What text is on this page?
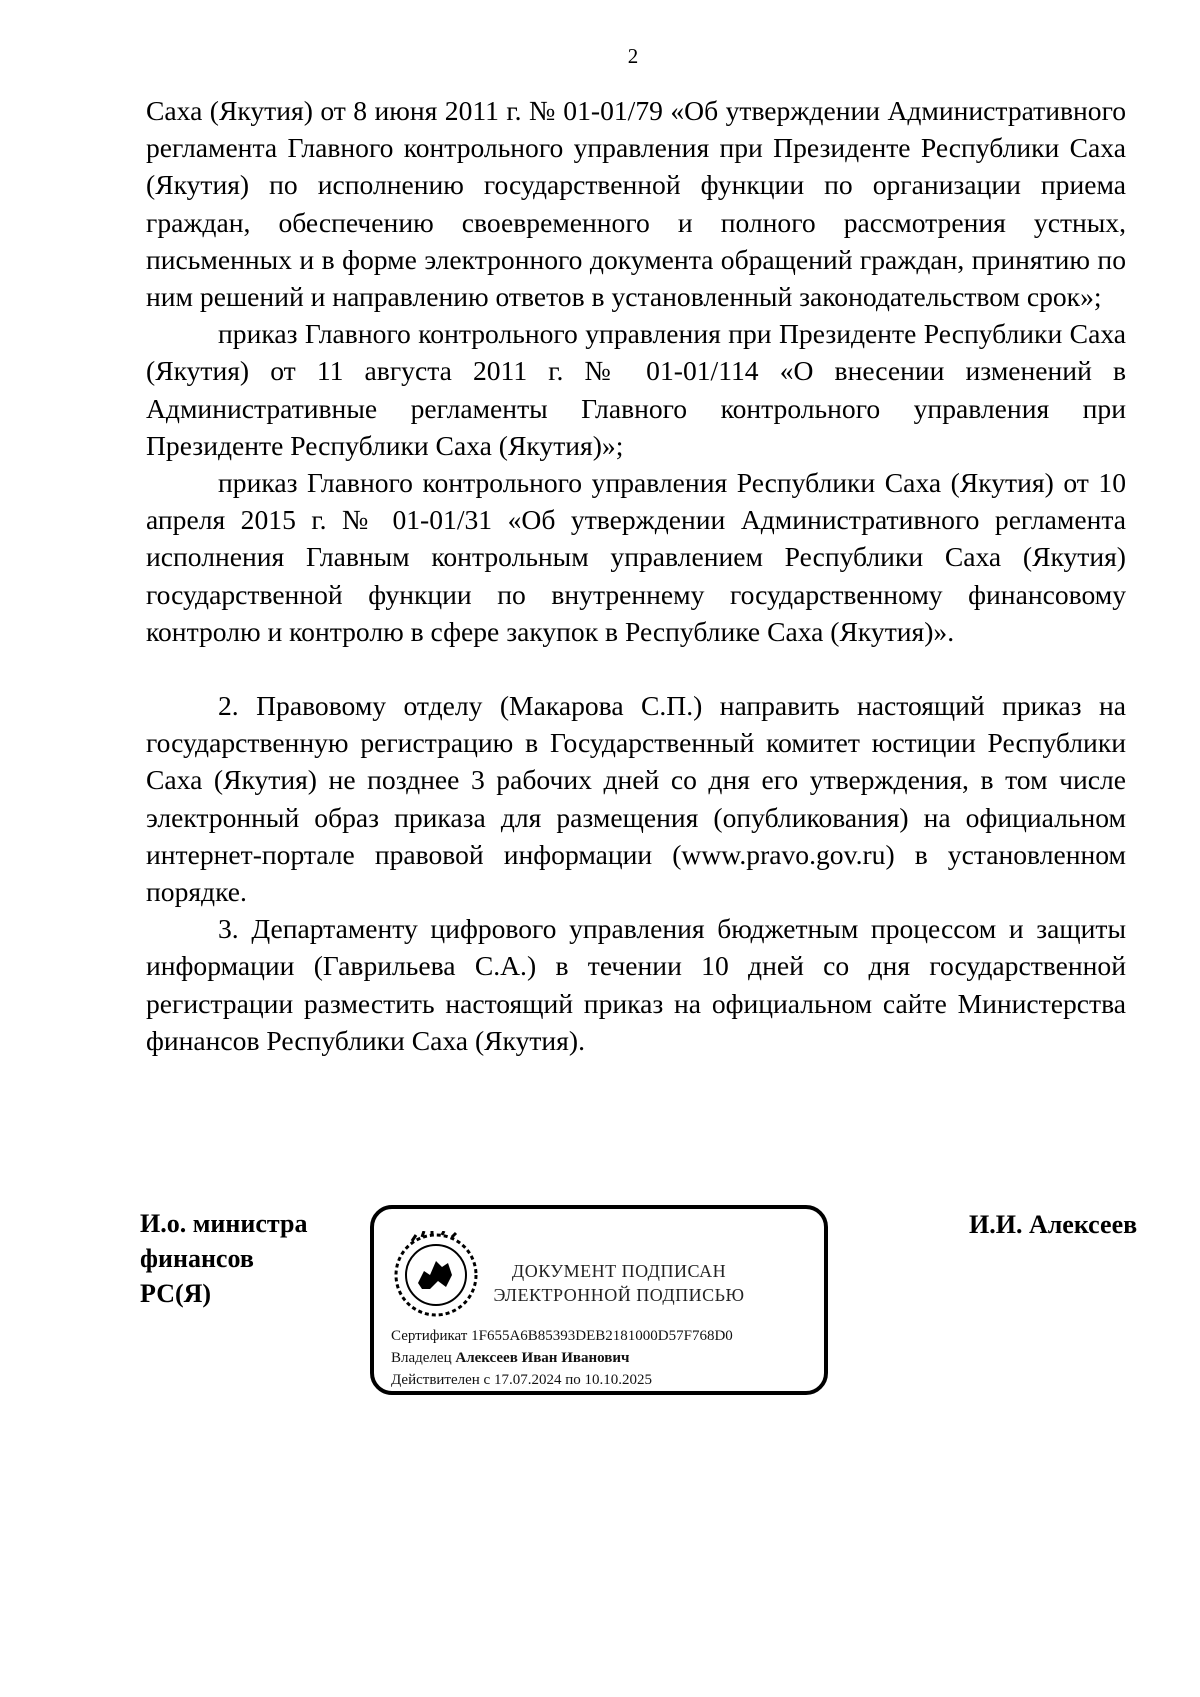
2

Саха (Якутия) от 8 июня 2011 г. № 01-01/79 «Об утверждении Административного регламента Главного контрольного управления при Президенте Республики Саха (Якутия) по исполнению государственной функции по организации приема граждан, обеспечению своевременного и полного рассмотрения устных, письменных и в форме электронного документа обращений граждан, принятию по ним решений и направлению ответов в установленный законодательством срок»;

приказ Главного контрольного управления при Президенте Республики Саха (Якутия) от 11 августа 2011 г. № 01-01/114 «О внесении изменений в Административные регламенты Главного контрольного управления при Президенте Республики Саха (Якутия)»;

приказ Главного контрольного управления Республики Саха (Якутия) от 10 апреля 2015 г. № 01-01/31 «Об утверждении Административного регламента исполнения Главным контрольным управлением Республики Саха (Якутия) государственной функции по внутреннему государственному финансовому контролю и контролю в сфере закупок в Республике Саха (Якутия)».

2. Правовому отделу (Макарова С.П.) направить настоящий приказ на государственную регистрацию в Государственный комитет юстиции Республики Саха (Якутия) не позднее 3 рабочих дней со дня его утверждения, в том числе электронный образ приказа для размещения (опубликования) на официальном интернет-портале правовой информации (www.pravo.gov.ru) в установленном порядке.

3. Департаменту цифрового управления бюджетным процессом и защиты информации (Гаврильева С.А.) в течении 10 дней со дня государственной регистрации разместить настоящий приказ на официальном сайте Министерства финансов Республики Саха (Якутия).

И.о. министра
финансов
РС(Я)
ДОКУМЕНТ ПОДПИСАН
ЭЛЕКТРОННОЙ ПОДПИСЬЮ
Сертификат 1F655A6B85393DEB2181000D57F768D0
Владелец Алексеев Иван Иванович
Действителен с 17.07.2024 по 10.10.2025
И.И. Алексеев
